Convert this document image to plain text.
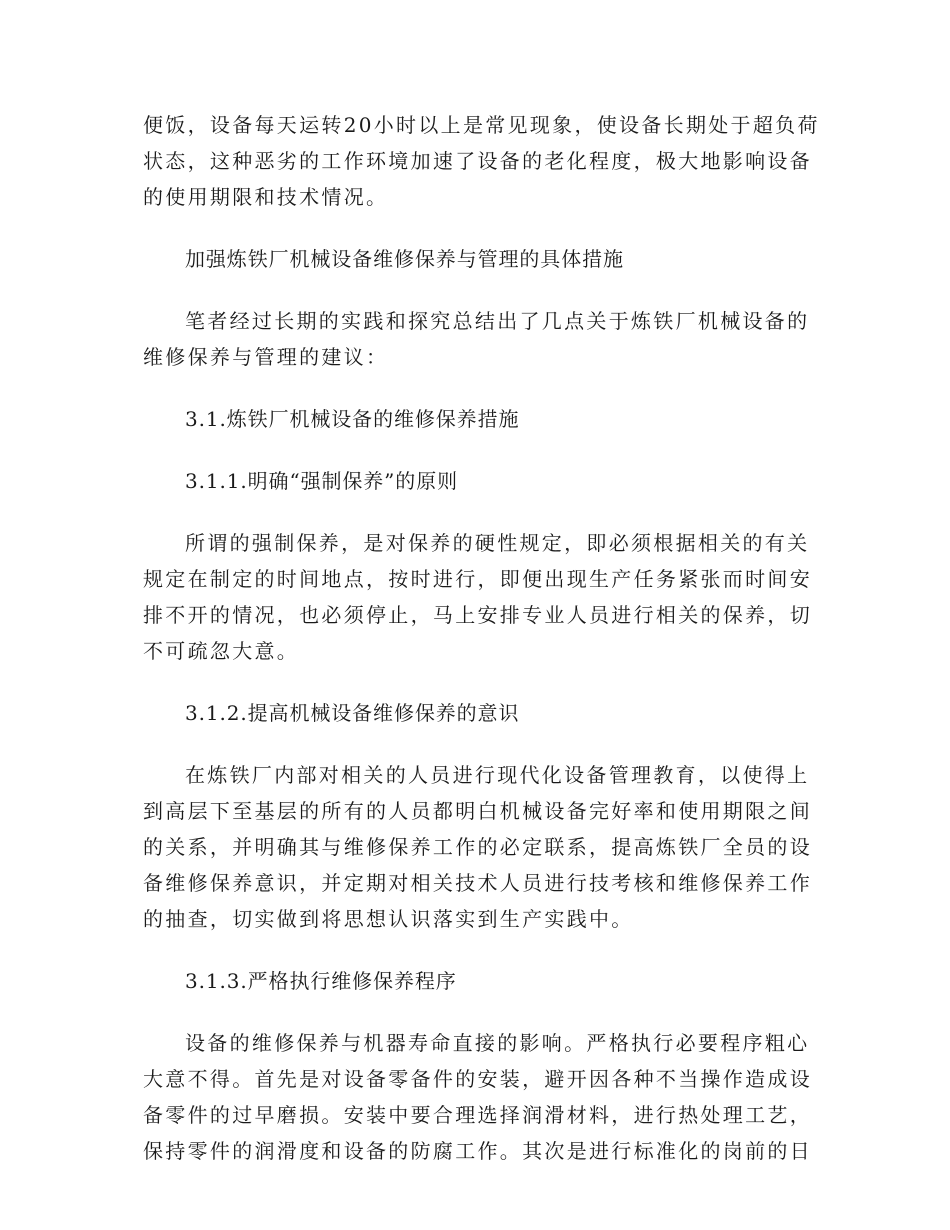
便饭，设备每天运转20小时以上是常见现象，使设备长期处于超负荷
状态，这种恶劣的工作环境加速了设备的老化程度，极大地影响设备
的使用期限和技术情况。
加强炼铁厂机械设备维修保养与管理的具体措施
笔者经过长期的实践和探究总结出了几点关于炼铁厂机械设备的
维修保养与管理的建议：
3.1.炼铁厂机械设备的维修保养措施
3.1.1.明确“强制保养”的原则
所谓的强制保养，是对保养的硬性规定，即必须根据相关的有关
规定在制定的时间地点，按时进行，即便出现生产任务紧张而时间安
排不开的情况，也必须停止，马上安排专业人员进行相关的保养，切
不可疏忽大意。
3.1.2.提高机械设备维修保养的意识
在炼铁厂内部对相关的人员进行现代化设备管理教育，以使得上
到高层下至基层的所有的人员都明白机械设备完好率和使用期限之间
的关系，并明确其与维修保养工作的必定联系，提高炼铁厂全员的设
备维修保养意识，并定期对相关技术人员进行技考核和维修保养工作
的抽查，切实做到将思想认识落实到生产实践中。
3.1.3.严格执行维修保养程序
设备的维修保养与机器寿命直接的影响。严格执行必要程序粗心
大意不得。首先是对设备零备件的安装，避开因各种不当操作造成设
备零件的过早磨损。安装中要合理选择润滑材料，进行热处理工艺，
保持零件的润滑度和设备的防腐工作。其次是进行标准化的岗前的日
